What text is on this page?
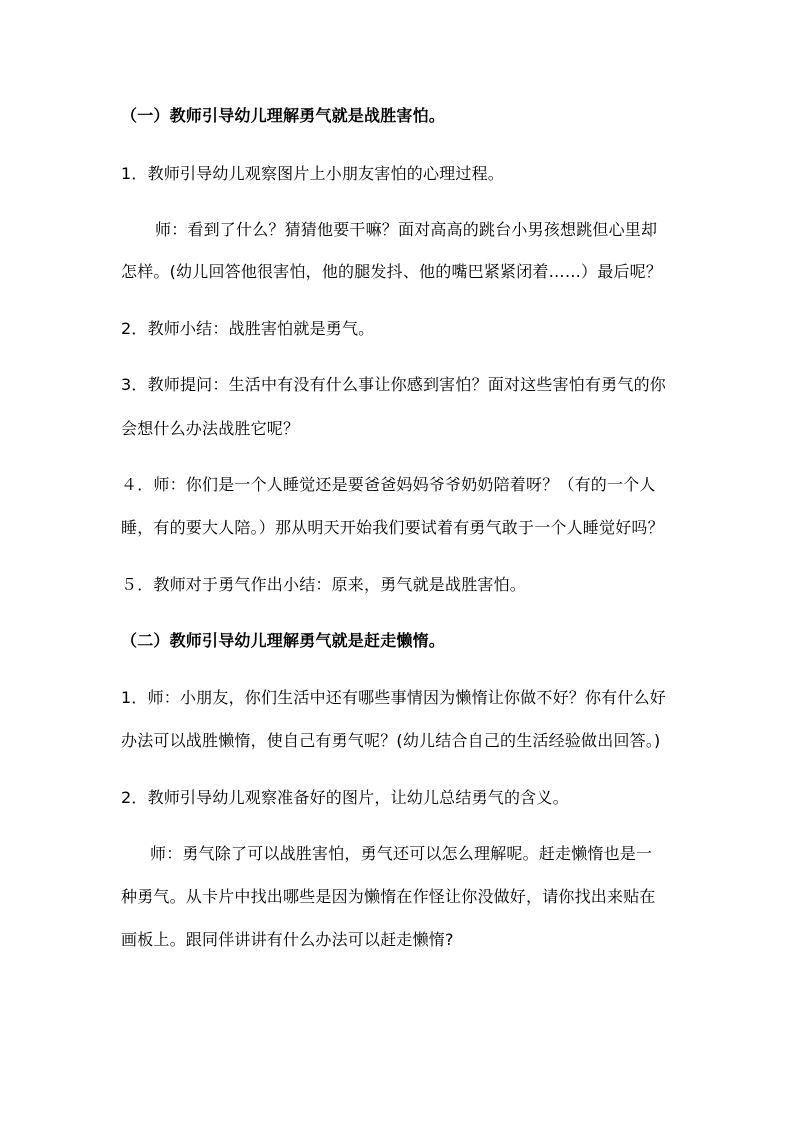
（一）教师引导幼儿理解勇气就是战胜害怕。
1．教师引导幼儿观察图片上小朋友害怕的心理过程。
师：看到了什么？猜猜他要干嘛？面对高高的跳台小男孩想跳但心里却
怎样。(幼儿回答他很害怕，他的腿发抖、他的嘴巴紧紧闭着……）最后呢？
2．教师小结：战胜害怕就是勇气。
3．教师提问：生活中有没有什么事让你感到害怕？面对这些害怕有勇气的你
会想什么办法战胜它呢？
４．师：你们是一个人睡觉还是要爸爸妈妈爷爷奶奶陪着呀？（有的一个人
睡，有的要大人陪。）那从明天开始我们要试着有勇气敢于一个人睡觉好吗？
５．教师对于勇气作出小结：原来，勇气就是战胜害怕。
（二）教师引导幼儿理解勇气就是赶走懒惰。
1．师：小朋友，你们生活中还有哪些事情因为懒惰让你做不好？你有什么好
办法可以战胜懒惰，使自己有勇气呢？(幼儿结合自己的生活经验做出回答。)
2．教师引导幼儿观察准备好的图片，让幼儿总结勇气的含义。
师：勇气除了可以战胜害怕，勇气还可以怎么理解呢。赶走懒惰也是一
种勇气。从卡片中找出哪些是因为懒惰在作怪让你没做好，请你找出来贴在
画板上。跟同伴讲讲有什么办法可以赶走懒惰?
